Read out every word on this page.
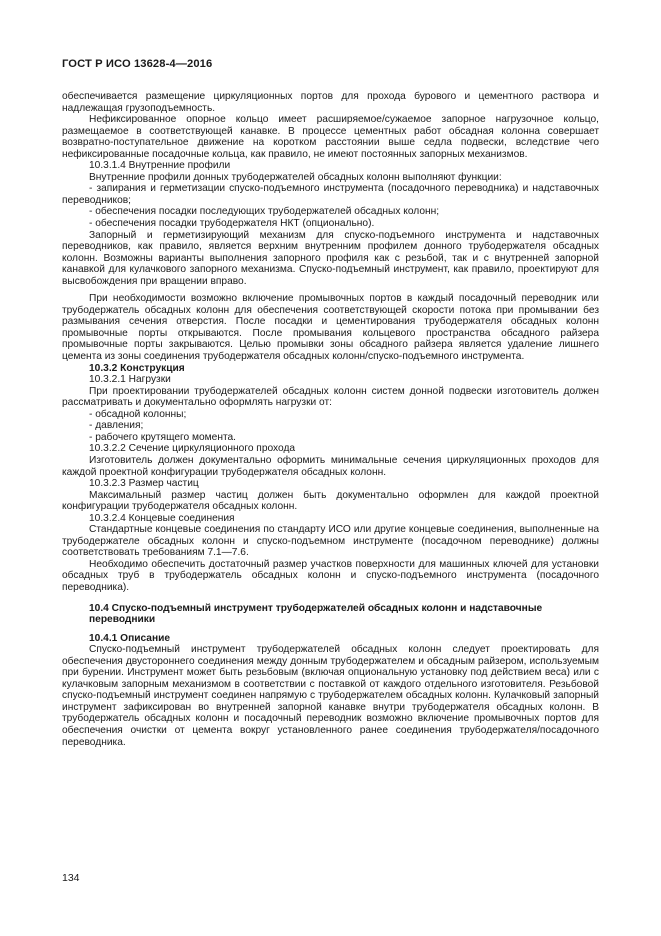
ГОСТ Р ИСО 13628-4—2016

обеспечивается размещение циркуляционных портов для прохода бурового и цементного раствора и надлежащая грузоподъемность.

Нефиксированное опорное кольцо имеет расширяемое/сужаемое запорное нагрузочное кольцо, размещаемое в соответствующей канавке. В процессе цементных работ обсадная колонна совершает возвратно-поступательное движение на коротком расстоянии выше седла подвески, вследствие чего нефиксированные посадочные кольца, как правило, не имеют постоянных запорных механизмов.

10.3.1.4 Внутренние профили

Внутренние профили донных трубодержателей обсадных колонн выполняют функции:

- запирания и герметизации спуско-подъемного инструмента (посадочного переводника) и надставочных переводников;

- обеспечения посадки последующих трубодержателей обсадных колонн;

- обеспечения посадки трубодержателя НКТ (опционально).

Запорный и герметизирующий механизм для спуско-подъемного инструмента и надставочных переводников, как правило, является верхним внутренним профилем донного трубодержателя обсадных колонн. Возможны варианты выполнения запорного профиля как с резьбой, так и с внутренней запорной канавкой для кулачкового запорного механизма. Спуско-подъемный инструмент, как правило, проектируют для высвобождения при вращении вправо.

При необходимости возможно включение промывочных портов в каждый посадочный переводник или трубодержатель обсадных колонн для обеспечения соответствующей скорости потока при промывании без размывания сечения отверстия. После посадки и цементирования трубодержателя обсадных колонн промывочные порты открываются. После промывания кольцевого пространства обсадного райзера промывочные порты закрываются. Целью промывки зоны обсадного райзера является удаление лишнего цемента из зоны соединения трубодержателя обсадных колонн/спуско-подъемного инструмента.

10.3.2 Конструкция

10.3.2.1 Нагрузки

При проектировании трубодержателей обсадных колонн систем донной подвески изготовитель должен рассматривать и документально оформлять нагрузки от:

- обсадной колонны;

- давления;

- рабочего крутящего момента.

10.3.2.2 Сечение циркуляционного прохода

Изготовитель должен документально оформить минимальные сечения циркуляционных проходов для каждой проектной конфигурации трубодержателя обсадных колонн.

10.3.2.3 Размер частиц

Максимальный размер частиц должен быть документально оформлен для каждой проектной конфигурации трубодержателя обсадных колонн.

10.3.2.4 Концевые соединения

Стандартные концевые соединения по стандарту ИСО или другие концевые соединения, выполненные на трубодержателе обсадных колонн и спуско-подъемном инструменте (посадочном переводнике) должны соответствовать требованиям 7.1—7.6.

Необходимо обеспечить достаточный размер участков поверхности для машинных ключей для установки обсадных труб в трубодержатель обсадных колонн и спуско-подъемного инструмента (посадочного переводника).

10.4 Спуско-подъемный инструмент трубодержателей обсадных колонн и надставочные
переводники

10.4.1 Описание

Спуско-подъемный инструмент трубодержателей обсадных колонн следует проектировать для обеспечения двустороннего соединения между донным трубодержателем и обсадным райзером, используемым при бурении. Инструмент может быть резьбовым (включая опциональную установку под действием веса) или с кулачковым запорным механизмом в соответствии с поставкой от каждого отдельного изготовителя. Резьбовой спуско-подъемный инструмент соединен напрямую с трубодержателем обсадных колонн. Кулачковый запорный инструмент зафиксирован во внутренней запорной канавке внутри трубодержателя обсадных колонн. В трубодержатель обсадных колонн и посадочный переводник возможно включение промывочных портов для обеспечения очистки от цемента вокруг установленного ранее соединения трубодержателя/посадочного переводника.

134
